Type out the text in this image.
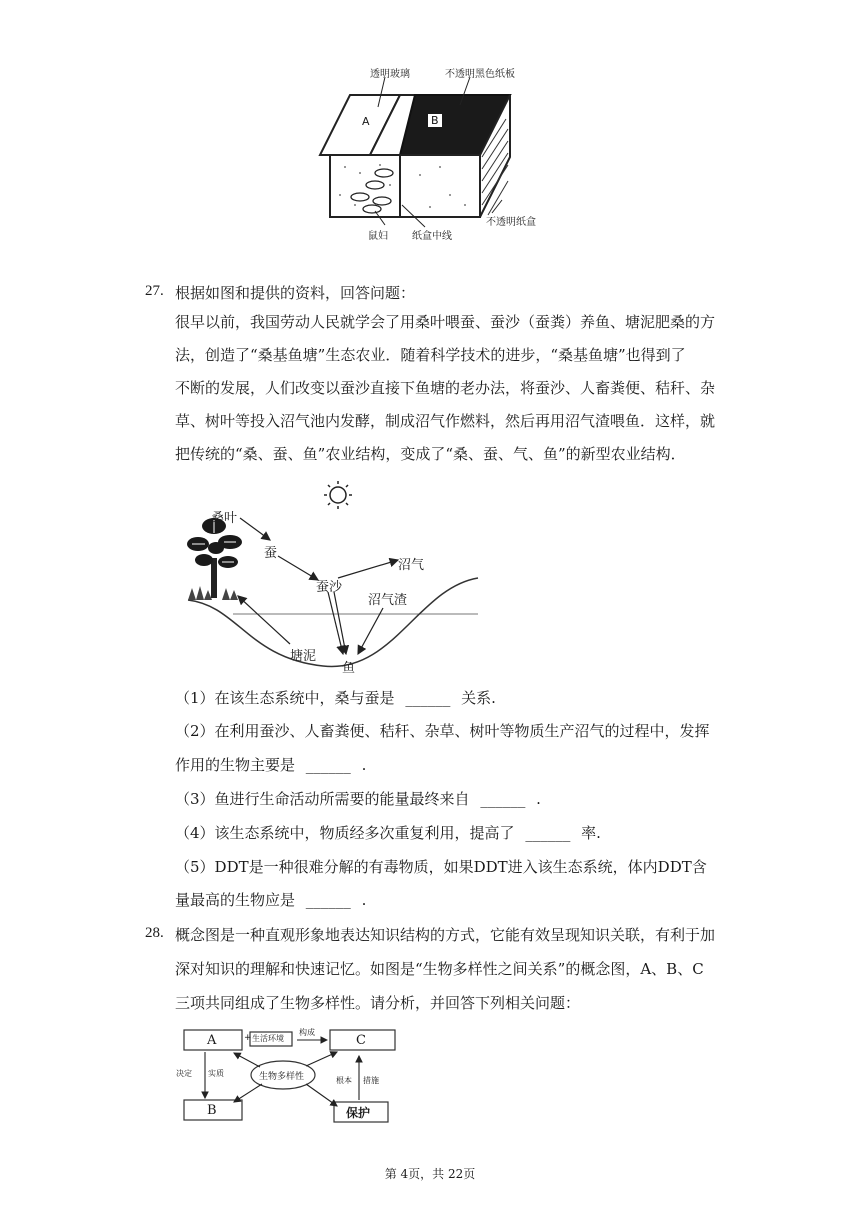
透明玻璃	不透明黑色纸板
A	B
鼠妇 纸盒中线
不透明纸盒
27. 根据如图和提供的资料，回答问题：
很早以前，我国劳动人民就学会了用桑叶喂蚕、蚕沙（蚕粪）养鱼、塘泥肥桑的方
法，创造了“桑基鱼塘”生态农业．随着科学技术的进步，“桑基鱼塘”也得到了
不断的发展，人们改变以蚕沙直接下鱼塘的老办法，将蚕沙、人畜粪便、秸秆、杂
草、树叶等投入沼气池内发酵，制成沼气作燃料，然后再用沼气渣喂鱼．这样，就
把传统的“桑、蚕、鱼”农业结构，变成了“桑、蚕、气、鱼”的新型农业结构．
桑叶
蚕
蚕沙
沼气
沼气渣
塘泥
鱼
（1）在该生态系统中，桑与蚕是 ______ 关系.
（2）在利用蚕沙、人畜粪便、秸秆、杂草、树叶等物质生产沼气的过程中，发挥
作用的生物主要是 ______ .
（3）鱼进行生命活动所需要的能量最终来自 ______ .
（4）该生态系统中，物质经多次重复利用，提高了 ______ 率.
（5）DDT是一种很难分解的有毒物质，如果DDT进入该生态系统，体内DDT含
量最高的生物应是 ______ .
28. 概念图是一种直观形象地表达知识结构的方式，它能有效呈现知识关联，有利于加
深对知识的理解和快速记忆。如图是“生物多样性之间关系”的概念图，A、B、C
三项共同组成了生物多样性。请分析，并回答下列相关问题：
A	C
B	保护
+ 生活环境
构成
生物多样性
决定 实质
根本 措施
第 4页，共 22页
